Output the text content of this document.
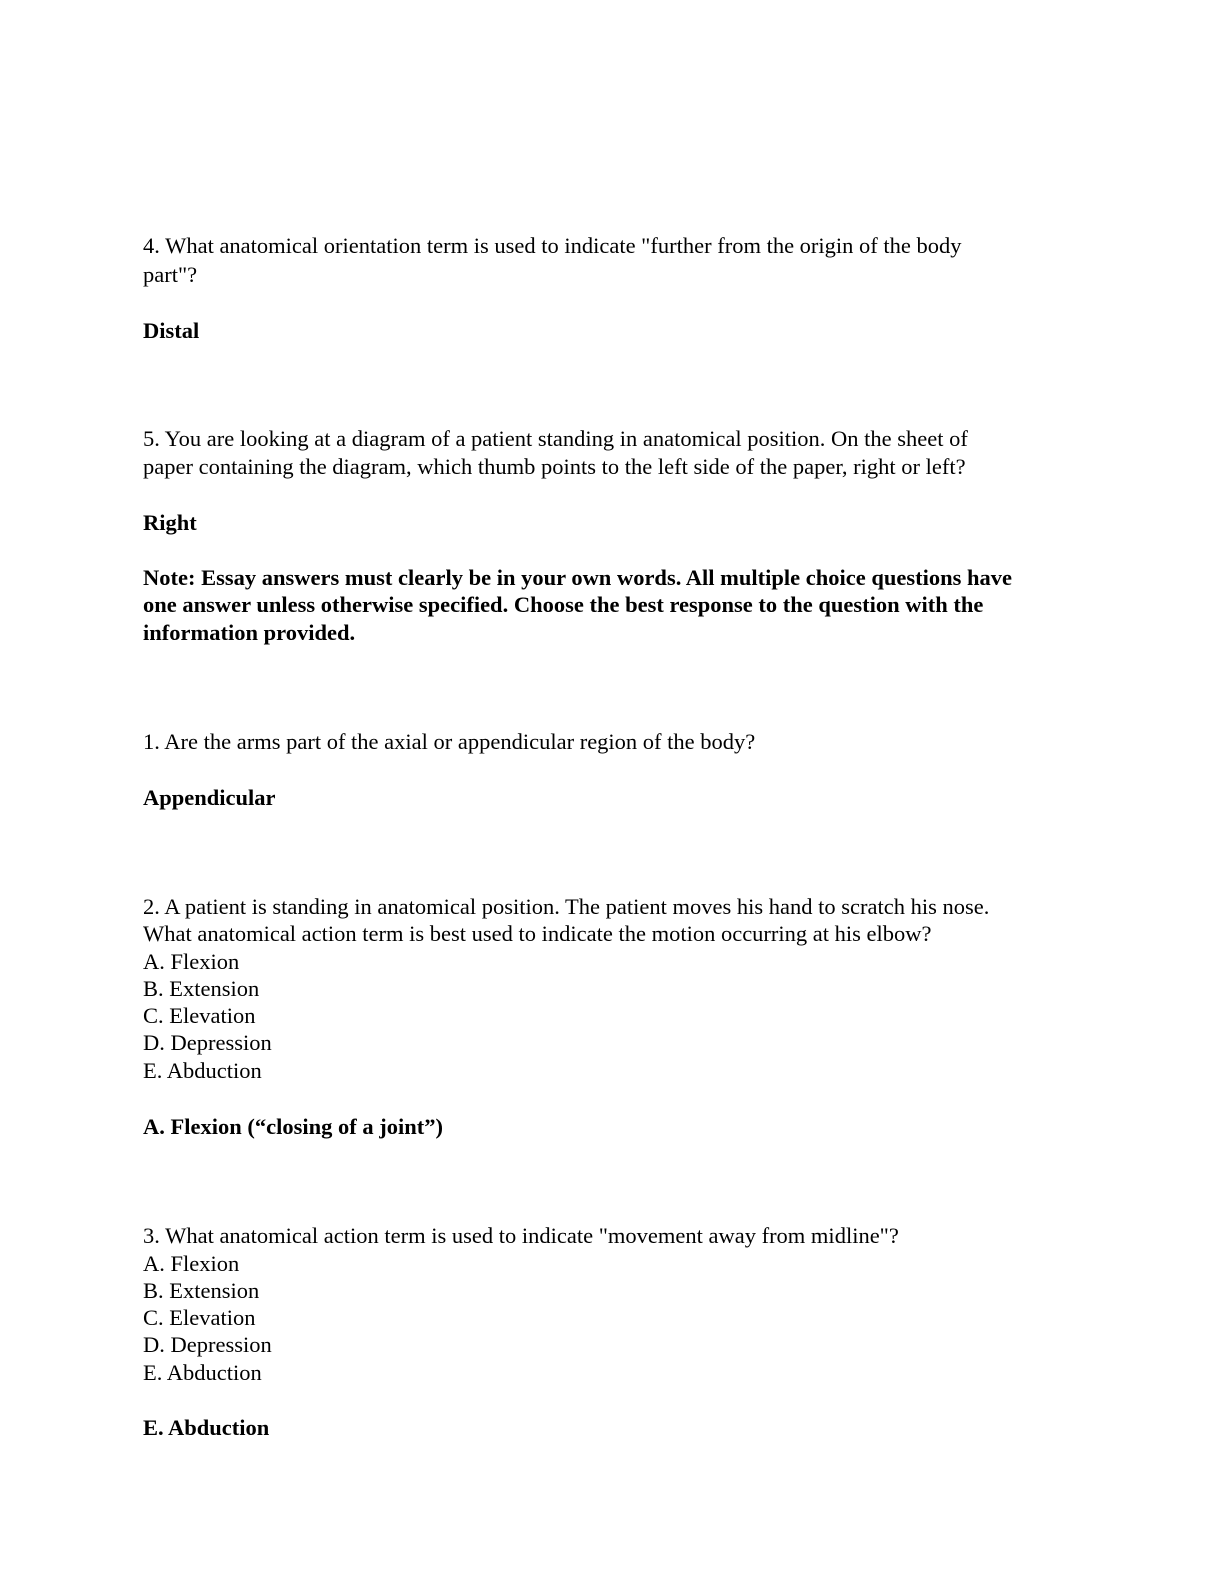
4. What anatomical orientation term is used to indicate "further from the origin of the body

part"?

Distal

5. You are looking at a diagram of a patient standing in anatomical position. On the sheet of

paper containing the diagram, which thumb points to the left side of the paper, right or left?

Right

Note: Essay answers must clearly be in your own words. All multiple choice questions have

one answer unless otherwise specified. Choose the best response to the question with the

information provided.

1. Are the arms part of the axial or appendicular region of the body?

Appendicular

2. A patient is standing in anatomical position. The patient moves his hand to scratch his nose.

What anatomical action term is best used to indicate the motion occurring at his elbow?

A. Flexion

B. Extension

C. Elevation

D. Depression

E. Abduction

A. Flexion (“closing of a joint”)

3. What anatomical action term is used to indicate "movement away from midline"?

A. Flexion

B. Extension

C. Elevation

D. Depression

E. Abduction

E. Abduction
